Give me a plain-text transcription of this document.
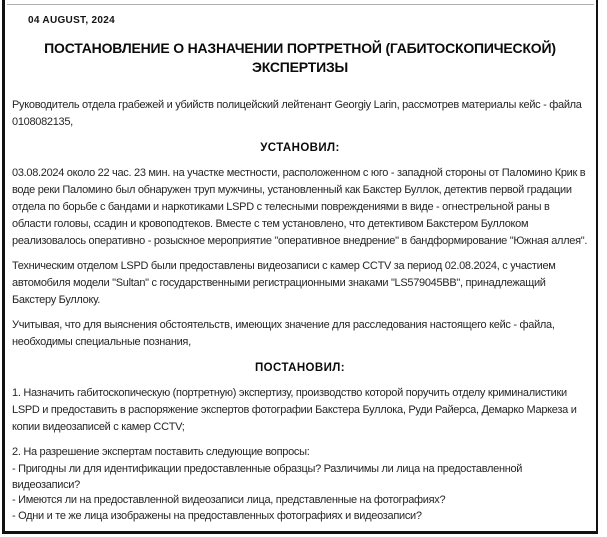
04 AUGUST, 2024
ПОСТАНОВЛЕНИЕ О НАЗНАЧЕНИИ ПОРТРЕТНОЙ (ГАБИТОСКОПИЧЕСКОЙ) ЭКСПЕРТИЗЫ

Руководитель отдела грабежей и убийств полицейский лейтенант Georgiy Larin, рассмотрев материалы кейс - файла 0108082135,

УСТАНОВИЛ:

03.08.2024 около 22 час. 23 мин. на участке местности, расположенном с юго - западной стороны от Паломино Крик в воде реки Паломино был обнаружен труп мужчины, установленный как Бакстер Буллок, детектив первой градации отдела по борьбе с бандами и наркотиками LSPD с телесными повреждениями в виде - огнестрельной раны в области головы, ссадин и кровоподтеков. Вместе с тем установлено, что детективом Бакстером Буллоком реализовалось оперативно - розыскное мероприятие "оперативное внедрение" в бандформирование "Южная аллея".

Техническим отделом LSPD были предоставлены видеозаписи с камер CCTV за период 02.08.2024, с участием автомобиля модели "Sultan" с государственными регистрационными знаками "LS579045BB", принадлежащий Бакстеру Буллоку.

Учитывая, что для выяснения обстоятельств, имеющих значение для расследования настоящего кейс - файла, необходимы специальные познания,

ПОСТАНОВИЛ:

1. Назначить габитоскопическую (портретную) экспертизу, производство которой поручить отделу криминалистики LSPD и предоставить в распоряжение экспертов фотографии Бакстера Буллока, Руди Райерса, Демарко Маркеза и копии видеозаписей с камер CCTV;

2. На разрешение экспертам поставить следующие вопросы:

- Пригодны ли для идентификации предоставленные образцы? Различимы ли лица на предоставленной видеозаписи?

- Имеются ли на предоставленной видеозаписи лица, представленные на фотографиях?

- Одни и те же лица изображены на предоставленных фотографиях и видеозаписи?
